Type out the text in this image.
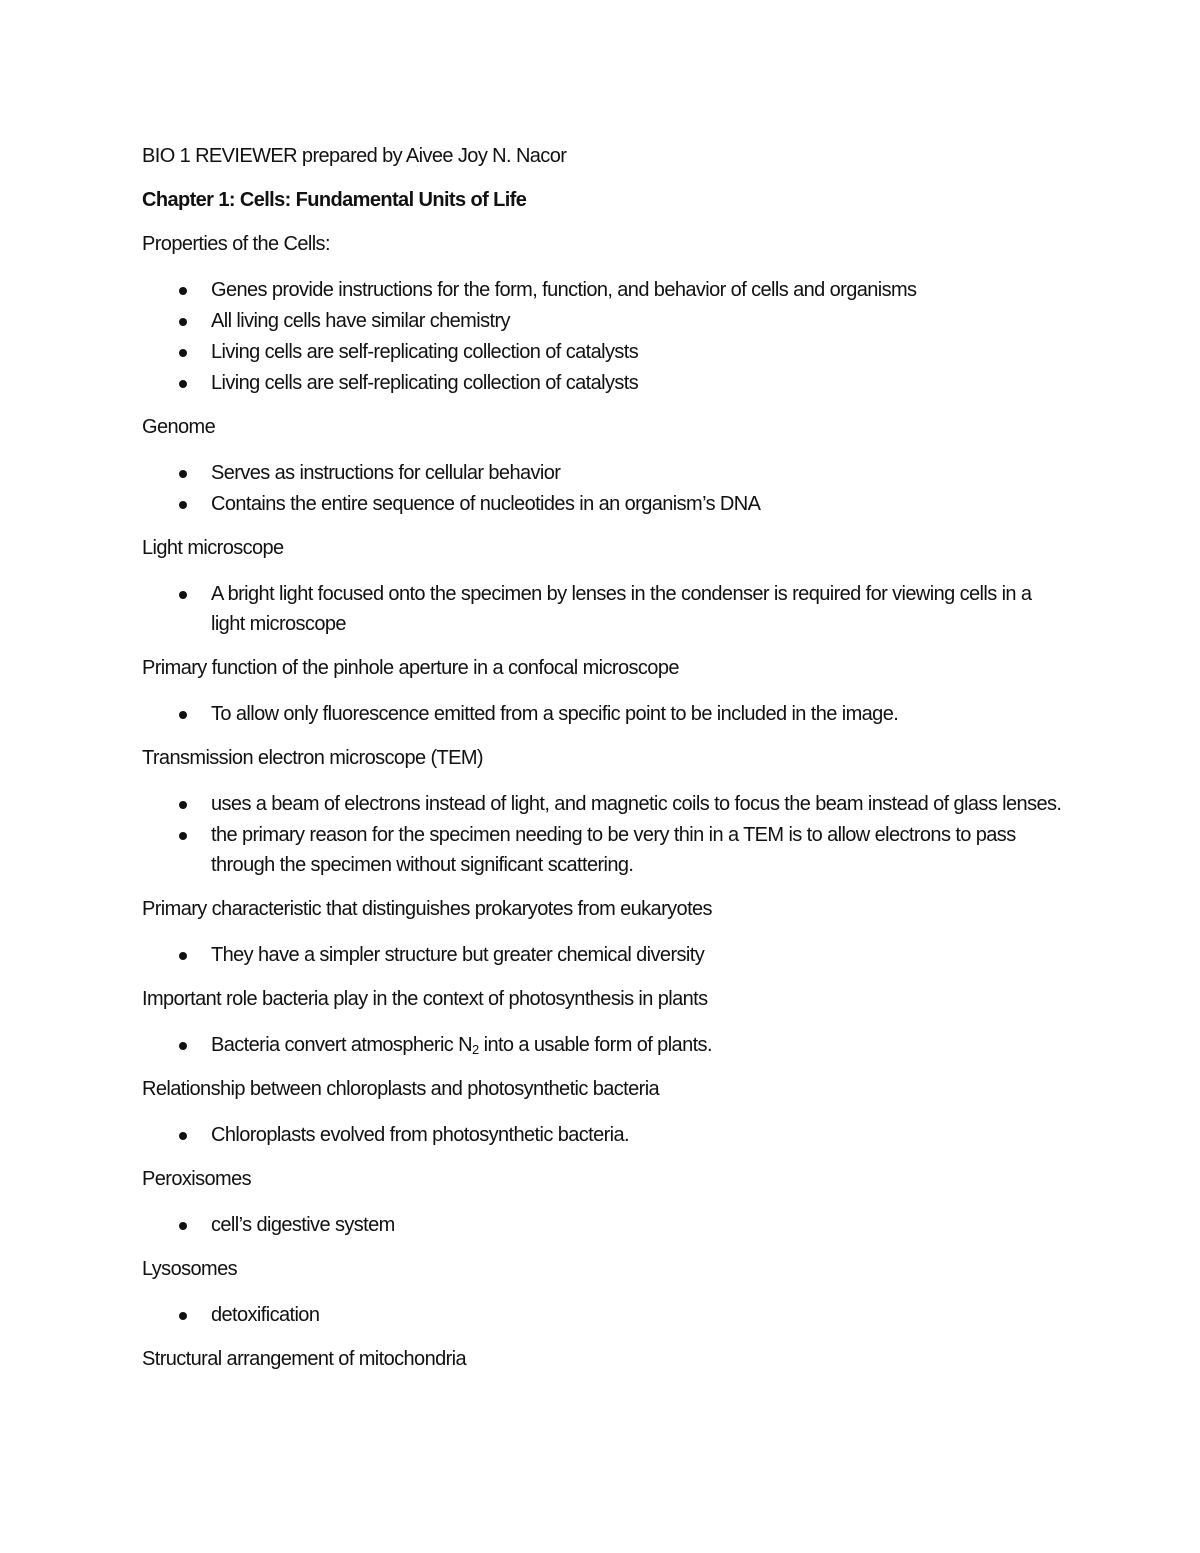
BIO 1 REVIEWER prepared by Aivee Joy N. Nacor

Chapter 1: Cells: Fundamental Units of Life

Properties of the Cells:

Genes provide instructions for the form, function, and behavior of cells and organisms
All living cells have similar chemistry
Living cells are self-replicating collection of catalysts
Living cells are self-replicating collection of catalysts

Genome

Serves as instructions for cellular behavior
Contains the entire sequence of nucleotides in an organism’s DNA

Light microscope

A bright light focused onto the specimen by lenses in the condenser is required for viewing cells in a light microscope

Primary function of the pinhole aperture in a confocal microscope

To allow only fluorescence emitted from a specific point to be included in the image.

Transmission electron microscope (TEM)

uses a beam of electrons instead of light, and magnetic coils to focus the beam instead of glass lenses.
the primary reason for the specimen needing to be very thin in a TEM is to allow electrons to pass through the specimen without significant scattering.

Primary characteristic that distinguishes prokaryotes from eukaryotes

They have a simpler structure but greater chemical diversity

Important role bacteria play in the context of photosynthesis in plants

Bacteria convert atmospheric $N_2$ into a usable form of plants.

Relationship between chloroplasts and photosynthetic bacteria

Chloroplasts evolved from photosynthetic bacteria.

Peroxisomes

cell’s digestive system

Lysosomes

detoxification

Structural arrangement of mitochondria
